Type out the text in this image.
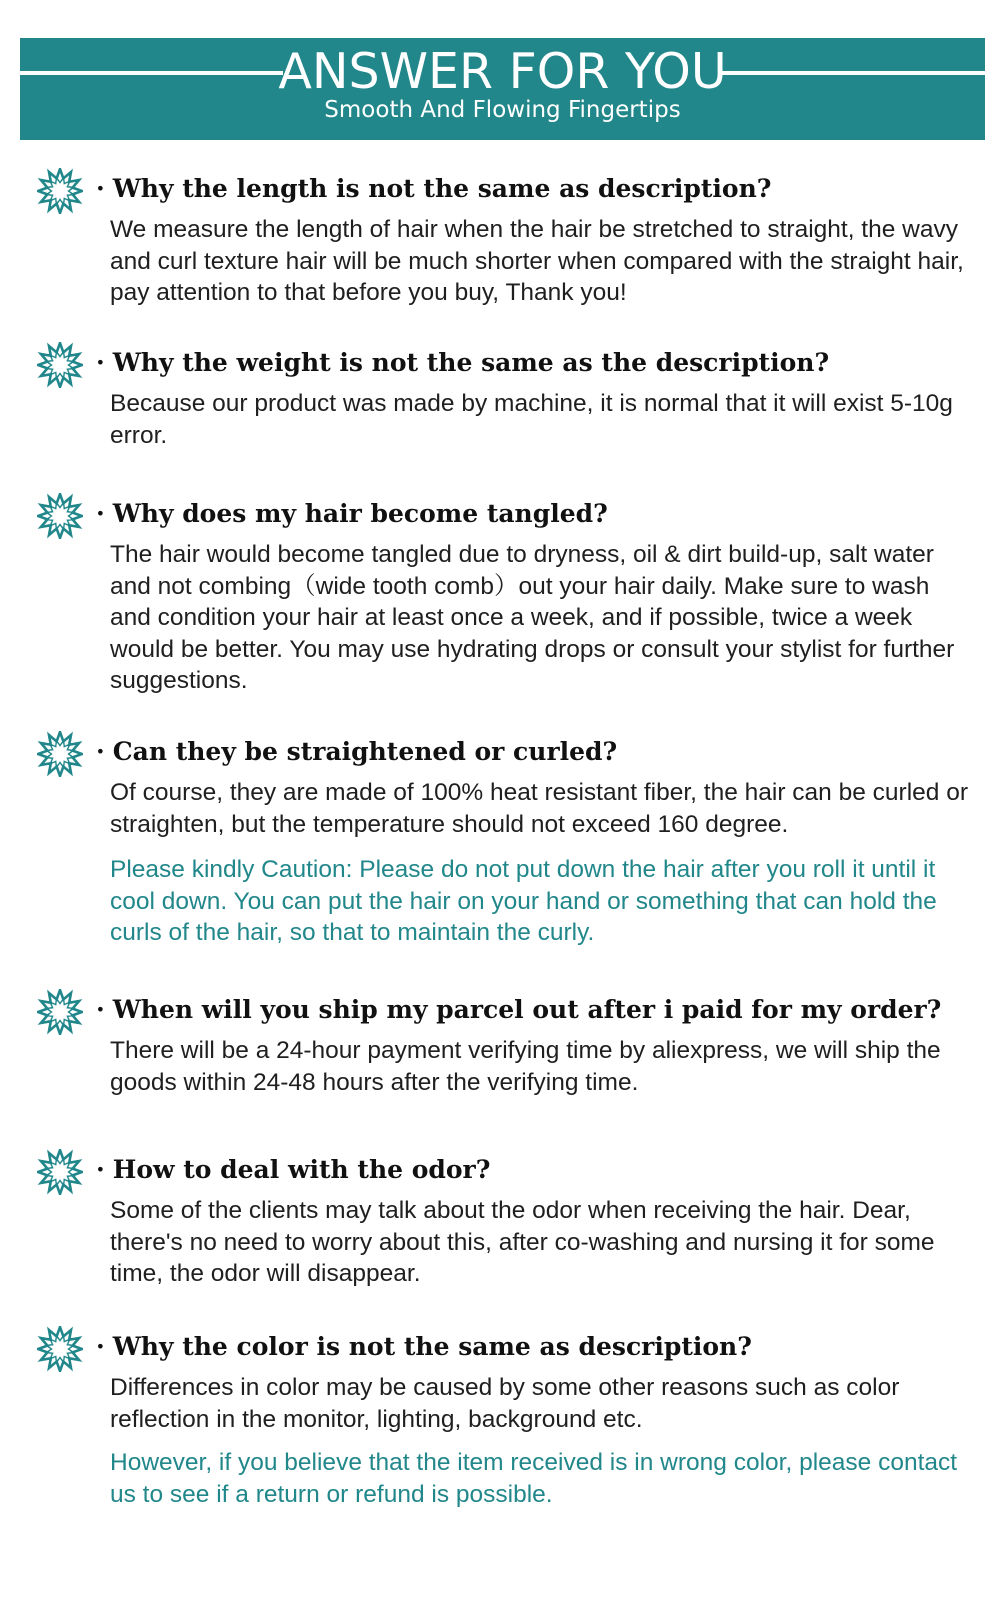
ANSWER FOR YOU
Smooth And Flowing Fingertips
· Why the length is not the same as description?
We measure the length of hair when the hair be stretched to straight, the wavy and curl texture hair will be much shorter when compared with the straight hair, pay attention to that before you buy, Thank you!
· Why the weight is not the same as the description?
Because our product was made by machine, it is normal that it will exist 5-10g error.
· Why does my hair become tangled?
The hair would become tangled due to dryness, oil & dirt build-up, salt water and not combing（wide tooth comb）out your hair daily. Make sure to wash and condition your hair at least once a week, and if possible, twice a week would be better. You may use hydrating drops or consult your stylist for further suggestions.
· Can they be straightened or curled?
Of course, they are made of 100% heat resistant fiber, the hair can be curled or straighten, but the temperature should not exceed 160 degree.
Please kindly Caution: Please do not put down the hair after you roll it until it cool down. You can put the hair on your hand or something that can hold the curls of the hair, so that to maintain the curly.
· When will you ship my parcel out after i paid for my order?
There will be a 24-hour payment verifying time by aliexpress, we will ship the goods within 24-48 hours after the verifying time.
· How to deal with the odor?
Some of the clients may talk about the odor when receiving the hair. Dear, there's no need to worry about this, after co-washing and nursing it for some time, the odor will disappear.
· Why the color is not the same as description?
Differences in color may be caused by some other reasons such as color reflection in the monitor, lighting, background etc.
However, if you believe that the item received is in wrong color, please contact us to see if a return or refund is possible.
